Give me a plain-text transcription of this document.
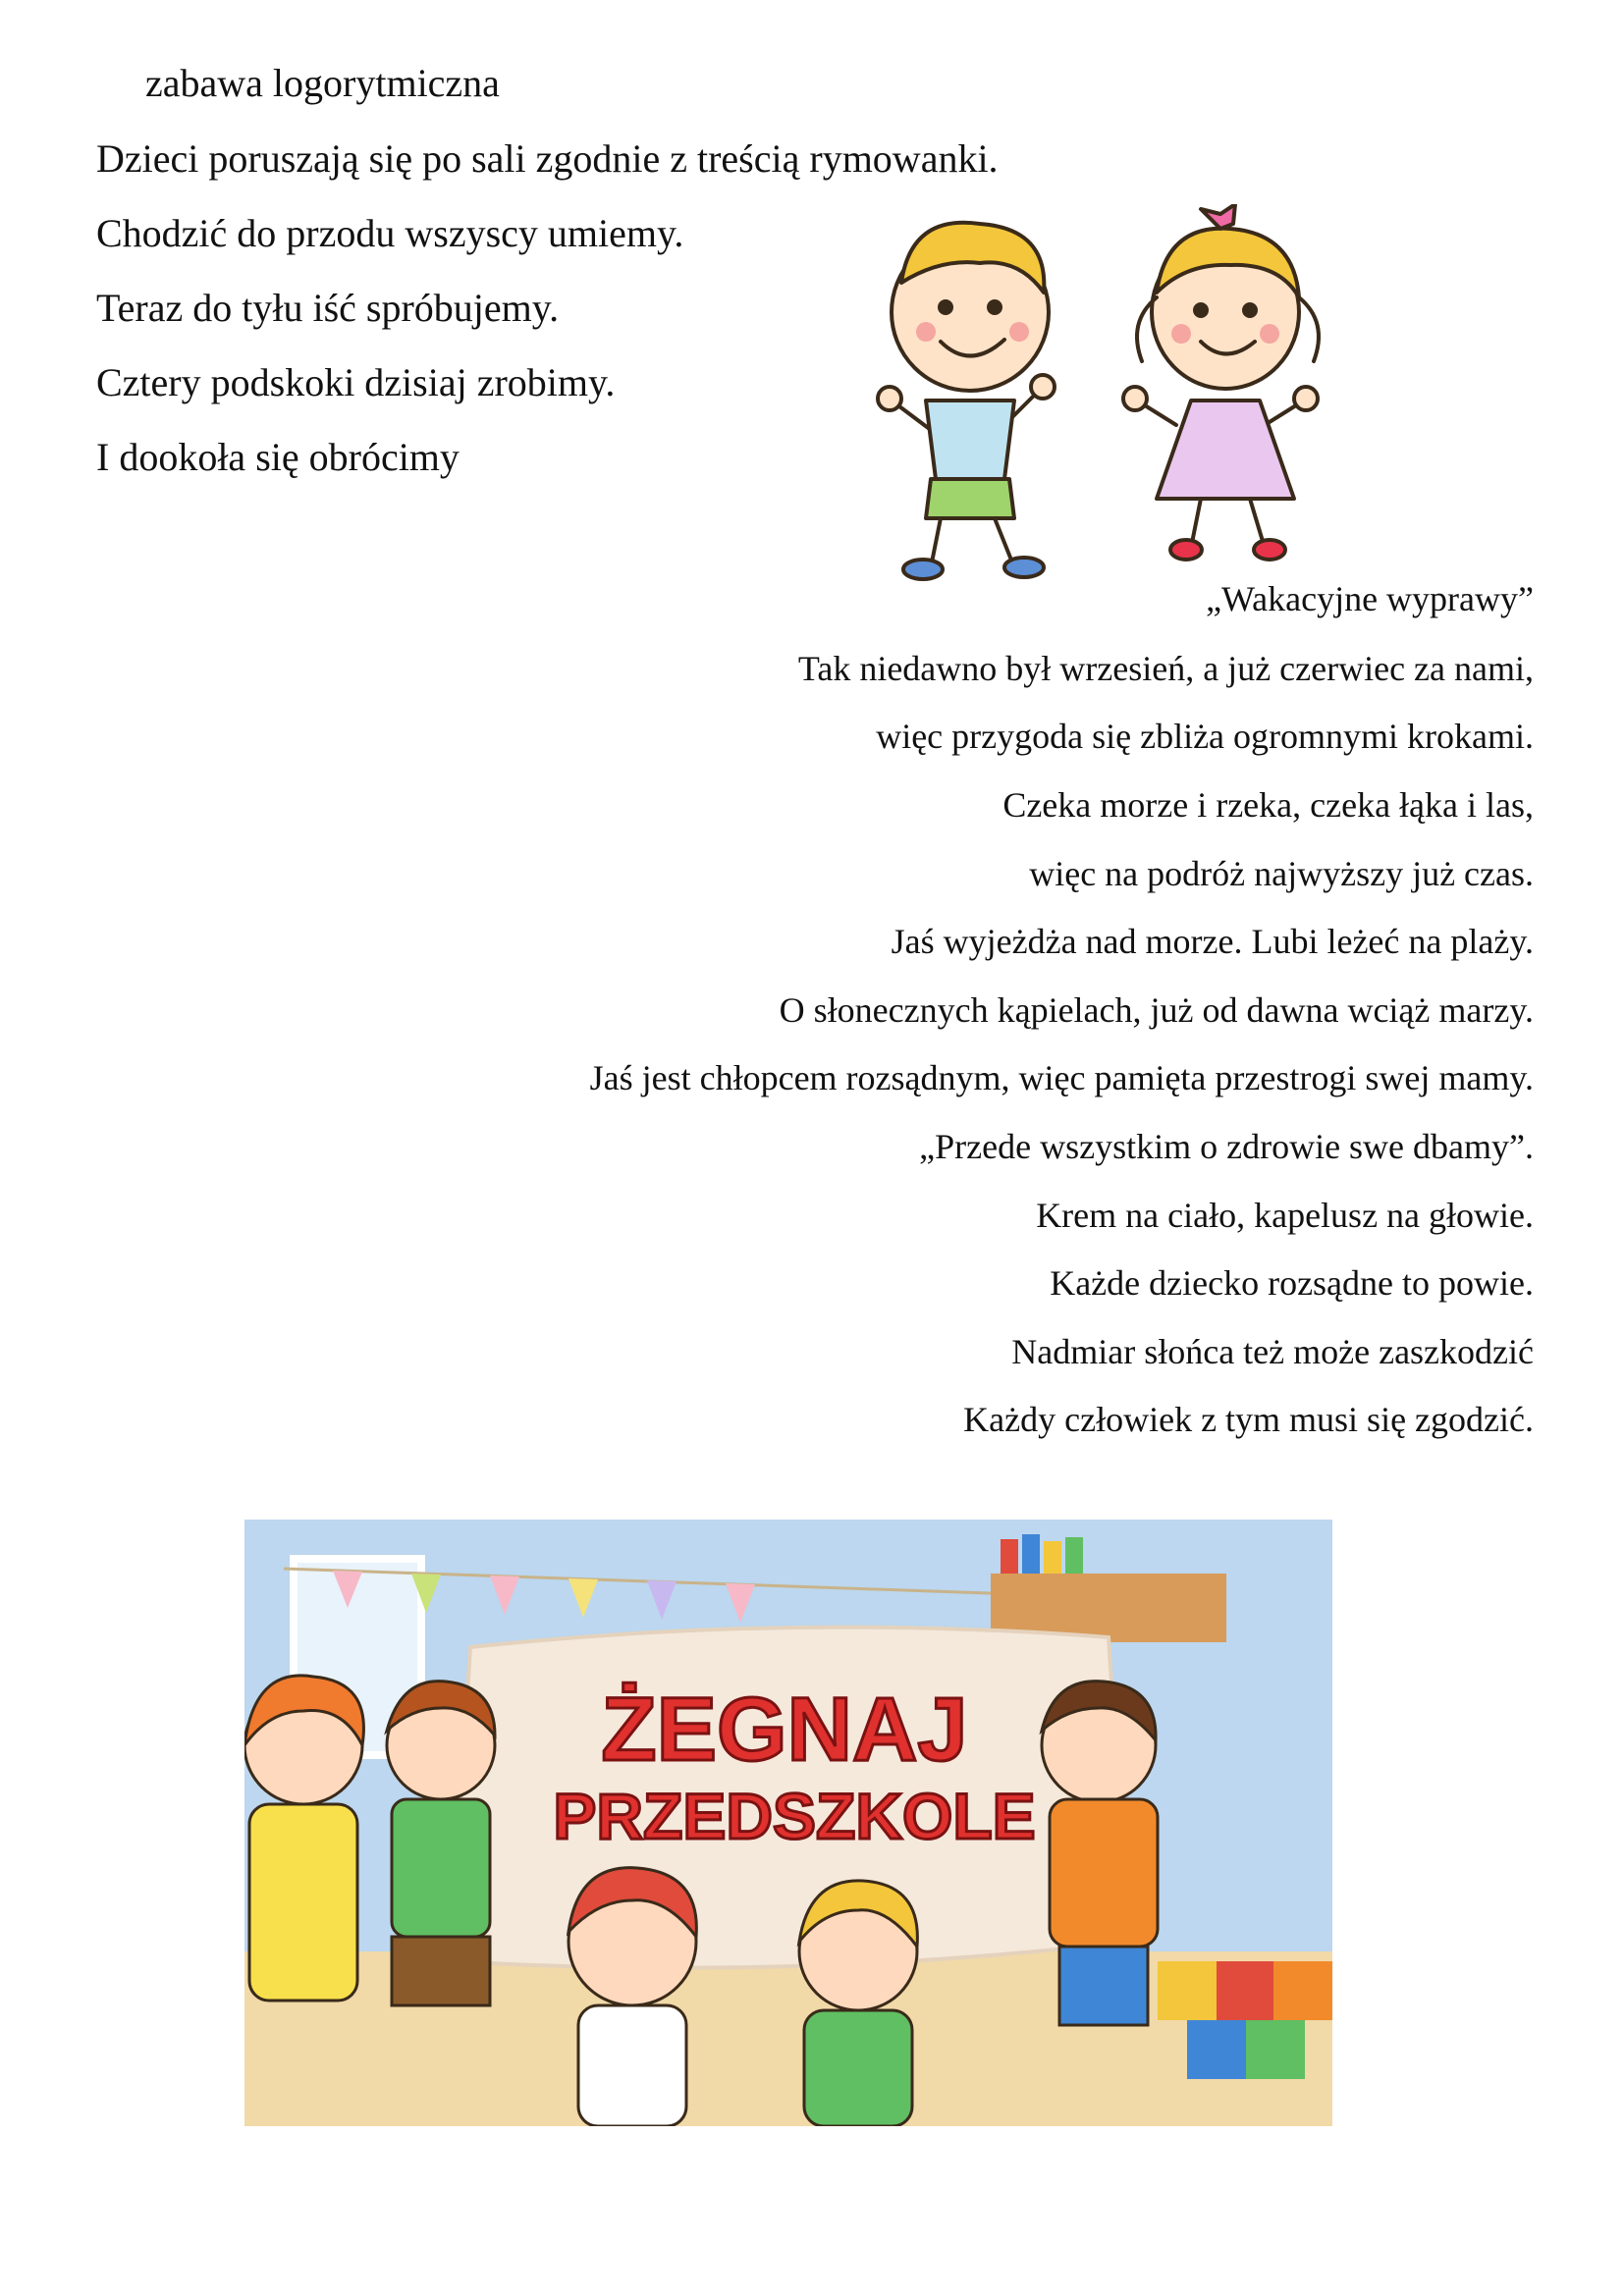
zabawa logorytmiczna

Dzieci poruszają się po sali zgodnie z treścią rymowanki.

Chodzić do przodu wszyscy umiemy.

Teraz do tyłu iść spróbujemy.

Cztery podskoki dzisiaj zrobimy.

I dookoła się obrócimy

„Wakacyjne wyprawy”

Tak niedawno był wrzesień, a już czerwiec za nami,

więc przygoda się zbliża ogromnymi krokami.

Czeka morze i rzeka, czeka łąka i las,

więc na podróż najwyższy już czas.

Jaś wyjeżdża nad morze. Lubi leżeć na plaży.

O słonecznych kąpielach, już od dawna wciąż marzy.

Jaś jest chłopcem rozsądnym, więc pamięta przestrogi swej mamy.

„Przede wszystkim o zdrowie swe dbamy”.

Krem na ciało, kapelusz na głowie.

Każde dziecko rozsądne to powie.

Nadmiar słońca też może zaszkodzić

Każdy człowiek z tym musi się zgodzić.

ŻEGNAJ
PRZEDSZKOLE
